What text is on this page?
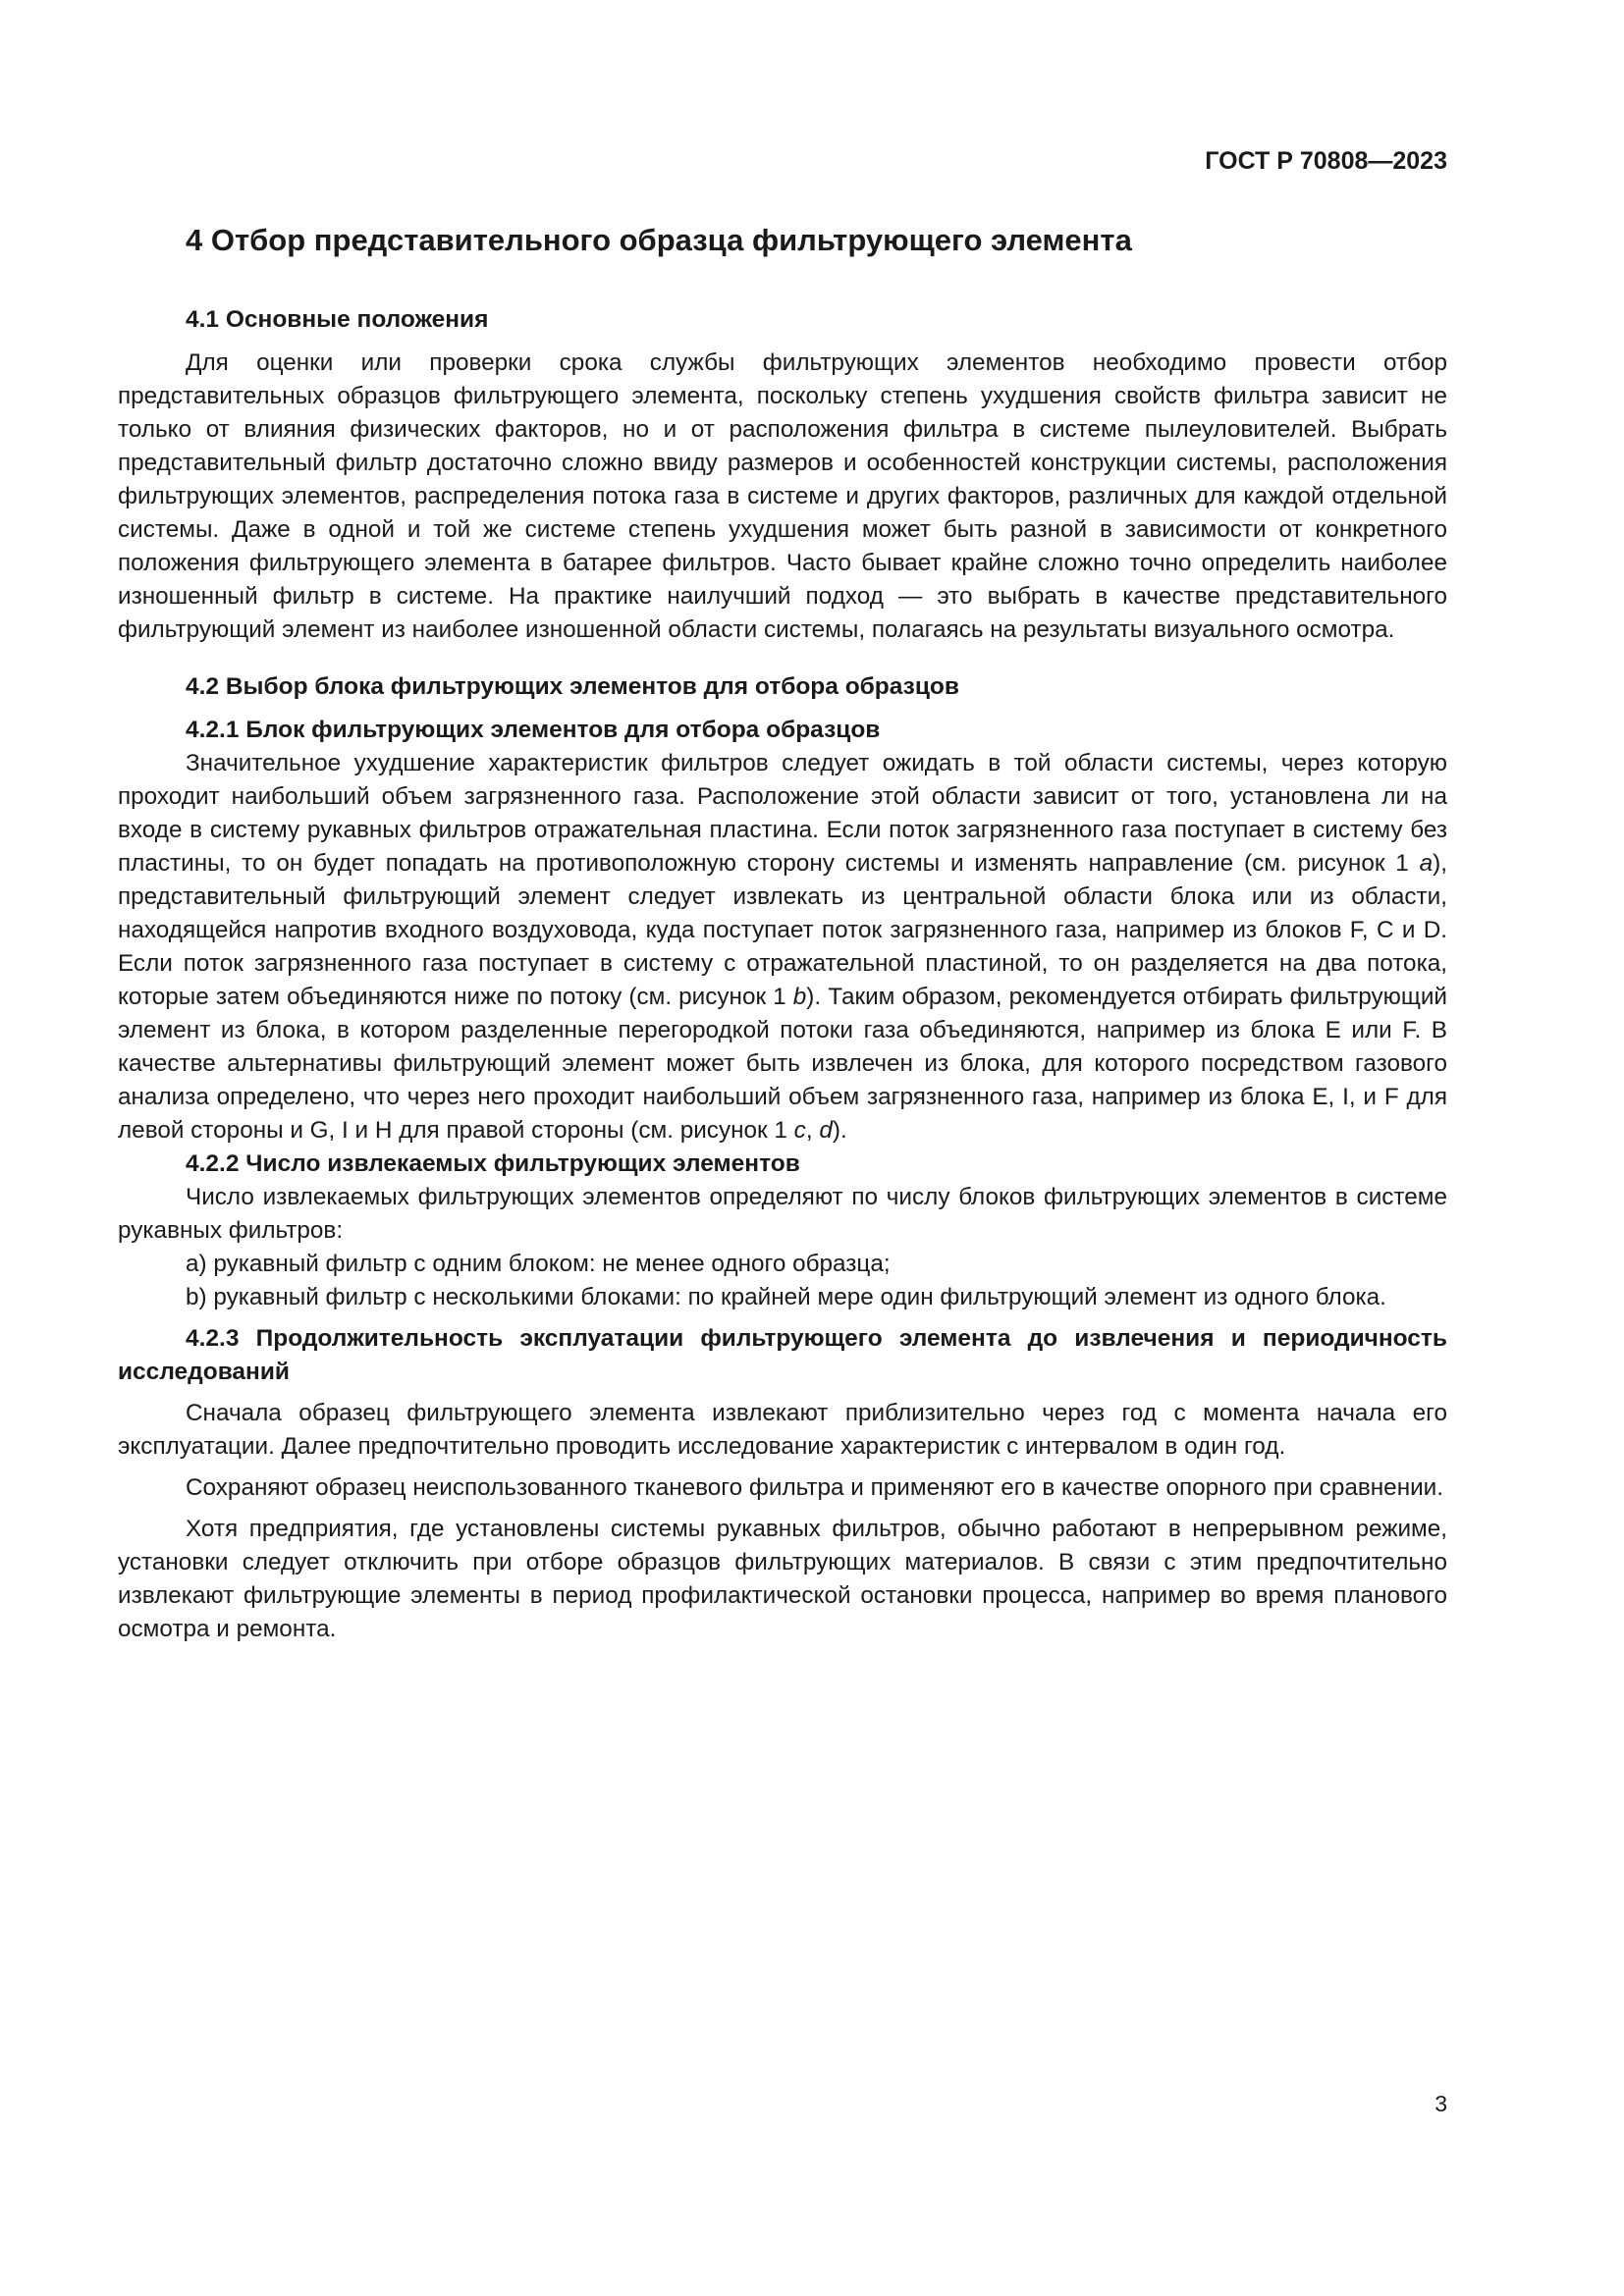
ГОСТ Р 70808—2023
4 Отбор представительного образца фильтрующего элемента
4.1 Основные положения

Для оценки или проверки срока службы фильтрующих элементов необходимо провести отбор представительных образцов фильтрующего элемента, поскольку степень ухудшения свойств фильтра зависит не только от влияния физических факторов, но и от расположения фильтра в системе пылеуловителей. Выбрать представительный фильтр достаточно сложно ввиду размеров и особенностей конструкции системы, расположения фильтрующих элементов, распределения потока газа в системе и других факторов, различных для каждой отдельной системы. Даже в одной и той же системе степень ухудшения может быть разной в зависимости от конкретного положения фильтрующего элемента в батарее фильтров. Часто бывает крайне сложно точно определить наиболее изношенный фильтр в системе. На практике наилучший подход — это выбрать в качестве представительного фильтрующий элемент из наиболее изношенной области системы, полагаясь на результаты визуального осмотра.

4.2 Выбор блока фильтрующих элементов для отбора образцов
4.2.1 Блок фильтрующих элементов для отбора образцов

Значительное ухудшение характеристик фильтров следует ожидать в той области системы, через которую проходит наибольший объем загрязненного газа. Расположение этой области зависит от того, установлена ли на входе в систему рукавных фильтров отражательная пластина. Если поток загрязненного газа поступает в систему без пластины, то он будет попадать на противоположную сторону системы и изменять направление (см. рисунок 1 a), представительный фильтрующий элемент следует извлекать из центральной области блока или из области, находящейся напротив входного воздуховода, куда поступает поток загрязненного газа, например из блоков F, C и D. Если поток загрязненного газа поступает в систему с отражательной пластиной, то он разделяется на два потока, которые затем объединяются ниже по потоку (см. рисунок 1 b). Таким образом, рекомендуется отбирать фильтрующий элемент из блока, в котором разделенные перегородкой потоки газа объединяются, например из блока E или F. В качестве альтернативы фильтрующий элемент может быть извлечен из блока, для которого посредством газового анализа определено, что через него проходит наибольший объем загрязненного газа, например из блока E, I, и F для левой стороны и G, I и H для правой стороны (см. рисунок 1 c, d).

4.2.2 Число извлекаемых фильтрующих элементов

Число извлекаемых фильтрующих элементов определяют по числу блоков фильтрующих элементов в системе рукавных фильтров:

a) рукавный фильтр с одним блоком: не менее одного образца;

b) рукавный фильтр с несколькими блоками: по крайней мере один фильтрующий элемент из одного блока.

4.2.3 Продолжительность эксплуатации фильтрующего элемента до извлечения и периодичность исследований

Сначала образец фильтрующего элемента извлекают приблизительно через год с момента начала его эксплуатации. Далее предпочтительно проводить исследование характеристик с интервалом в один год.

Сохраняют образец неиспользованного тканевого фильтра и применяют его в качестве опорного при сравнении.

Хотя предприятия, где установлены системы рукавных фильтров, обычно работают в непрерывном режиме, установки следует отключить при отборе образцов фильтрующих материалов. В связи с этим предпочтительно извлекают фильтрующие элементы в период профилактической остановки процесса, например во время планового осмотра и ремонта.

3
